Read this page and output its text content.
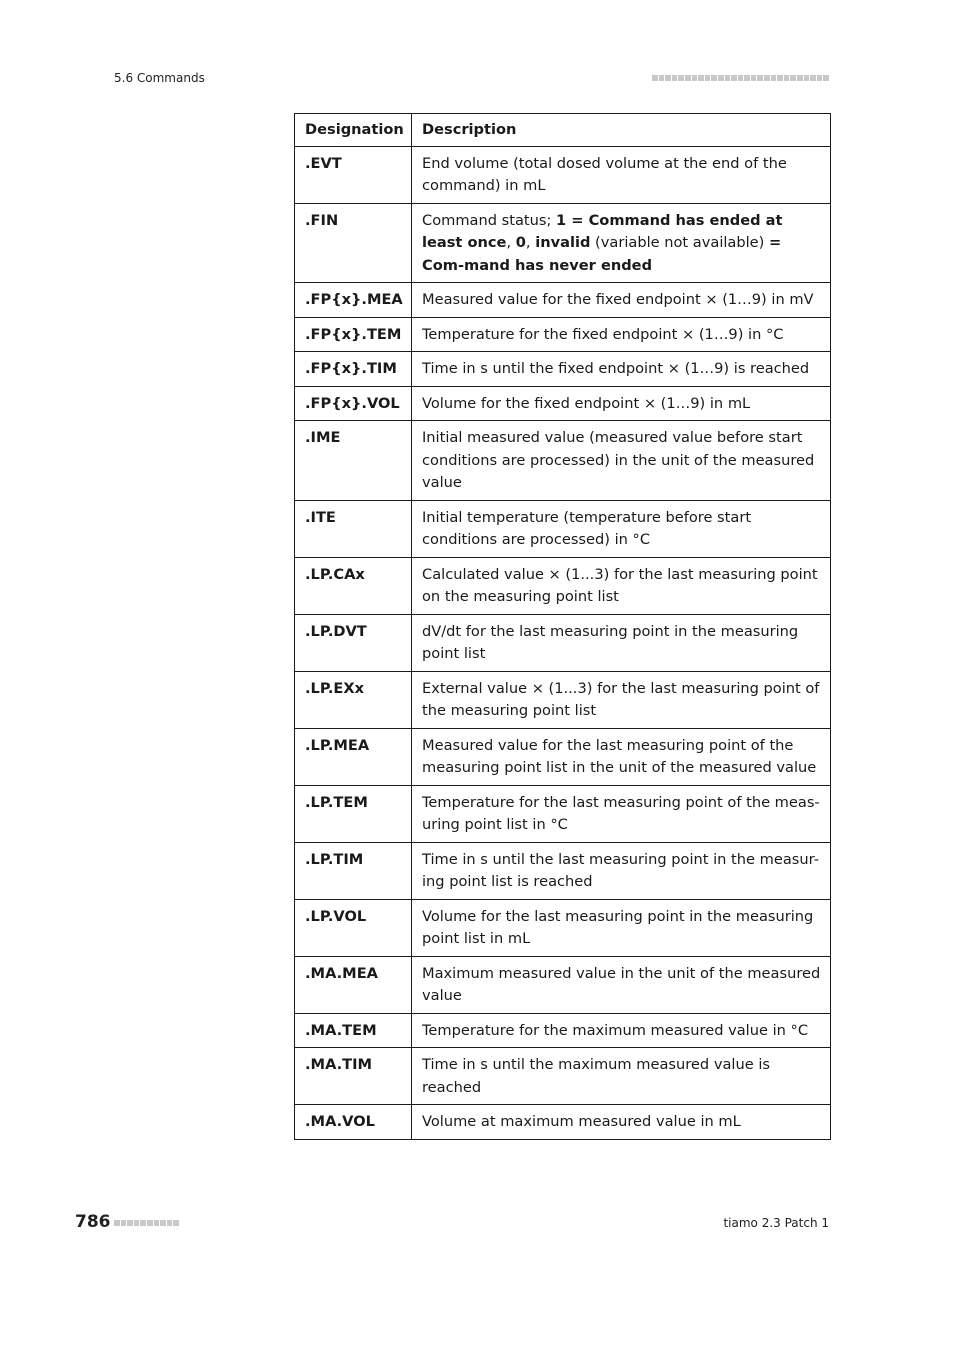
5.6 Commands
Designation	Description
.EVT	End volume (total dosed volume at the end of the command) in mL
.FIN	Command status; 1 = Command has ended at least once, 0, invalid (variable not available) = Com-mand has never ended
.FP{x}.MEA	Measured value for the fixed endpoint × (1…9) in mV
.FP{x}.TEM	Temperature for the fixed endpoint × (1…9) in °C
.FP{x}.TIM	Time in s until the fixed endpoint × (1…9) is reached
.FP{x}.VOL	Volume for the fixed endpoint × (1…9) in mL
.IME	Initial measured value (measured value before start conditions are processed) in the unit of the measured value
.ITE	Initial temperature (temperature before start conditions are processed) in °C
.LP.CAx	Calculated value × (1...3) for the last measuring point on the measuring point list
.LP.DVT	dV/dt for the last measuring point in the measuring point list
.LP.EXx	External value × (1...3) for the last measuring point of the measuring point list
.LP.MEA	Measured value for the last measuring point of the measuring point list in the unit of the measured value
.LP.TEM	Temperature for the last measuring point of the meas-uring point list in °C
.LP.TIM	Time in s until the last measuring point in the measur-ing point list is reached
.LP.VOL	Volume for the last measuring point in the measuring point list in mL
.MA.MEA	Maximum measured value in the unit of the measured value
.MA.TEM	Temperature for the maximum measured value in °C
.MA.TIM	Time in s until the maximum measured value is reached
.MA.VOL	Volume at maximum measured value in mL
786	tiamo 2.3 Patch 1
